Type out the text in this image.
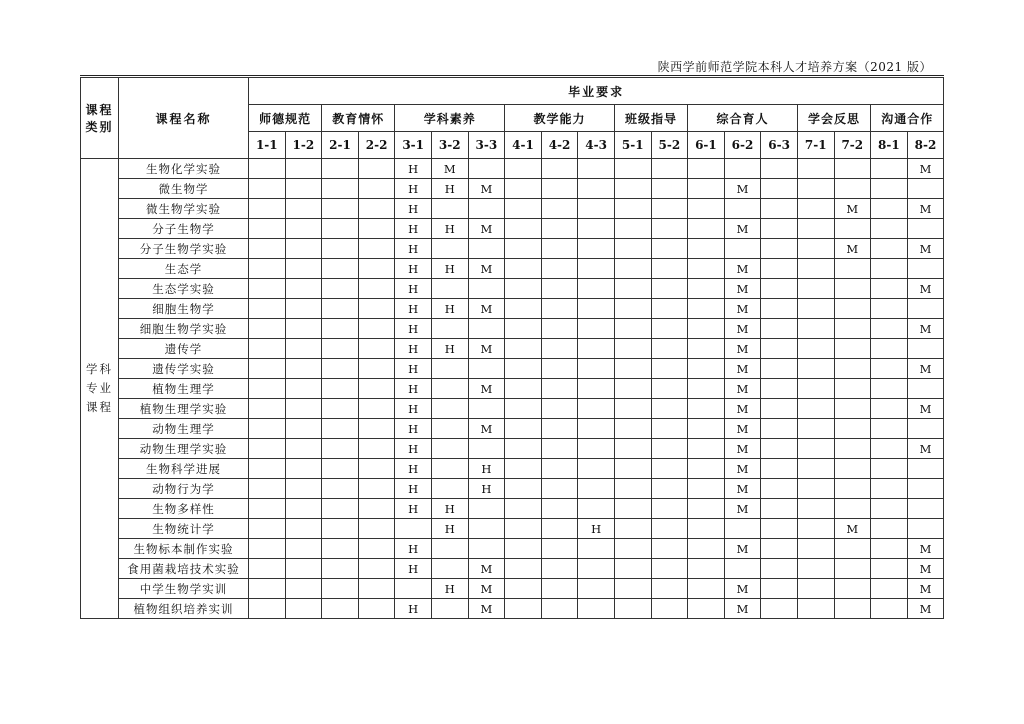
陕西学前师范学院本科人才培养方案（2021 版）
课程
类别	课程名称	毕业要求																		
		师德规范		教育情怀		学科素养			教学能力			班级指导		综合育人			学会反思		沟通合作	
		1-1	1-2	2-1	2-2	3-1	3-2	3-3	4-1	4-2	4-3	5-1	5-2	6-1	6-2	6-3	7-1	7-2	8-1	8-2
学科
专业
课程	生物化学实验					H	M													M
	微生物学					H	H	M							M					
	微生物学实验					H												M		M
	分子生物学					H	H	M							M					
	分子生物学实验					H												M		M
	生态学					H	H	M							M					
	生态学实验					H									M					M
	细胞生物学					H	H	M							M					
	细胞生物学实验					H									M					M
	遗传学					H	H	M							M					
	遗传学实验					H									M					M
	植物生理学					H		M							M					
	植物生理学实验					H									M					M
	动物生理学					H		M							M					
	动物生理学实验					H									M					M
	生物科学进展					H		H							M					
	动物行为学					H		H							M					
	生物多样性					H	H								M					
	生物统计学						H				H							M		
	生物标本制作实验					H									M					M
	食用菌栽培技术实验					H		M												M
	中学生物学实训						H	M							M					M
	植物组织培养实训					H		M							M					M
